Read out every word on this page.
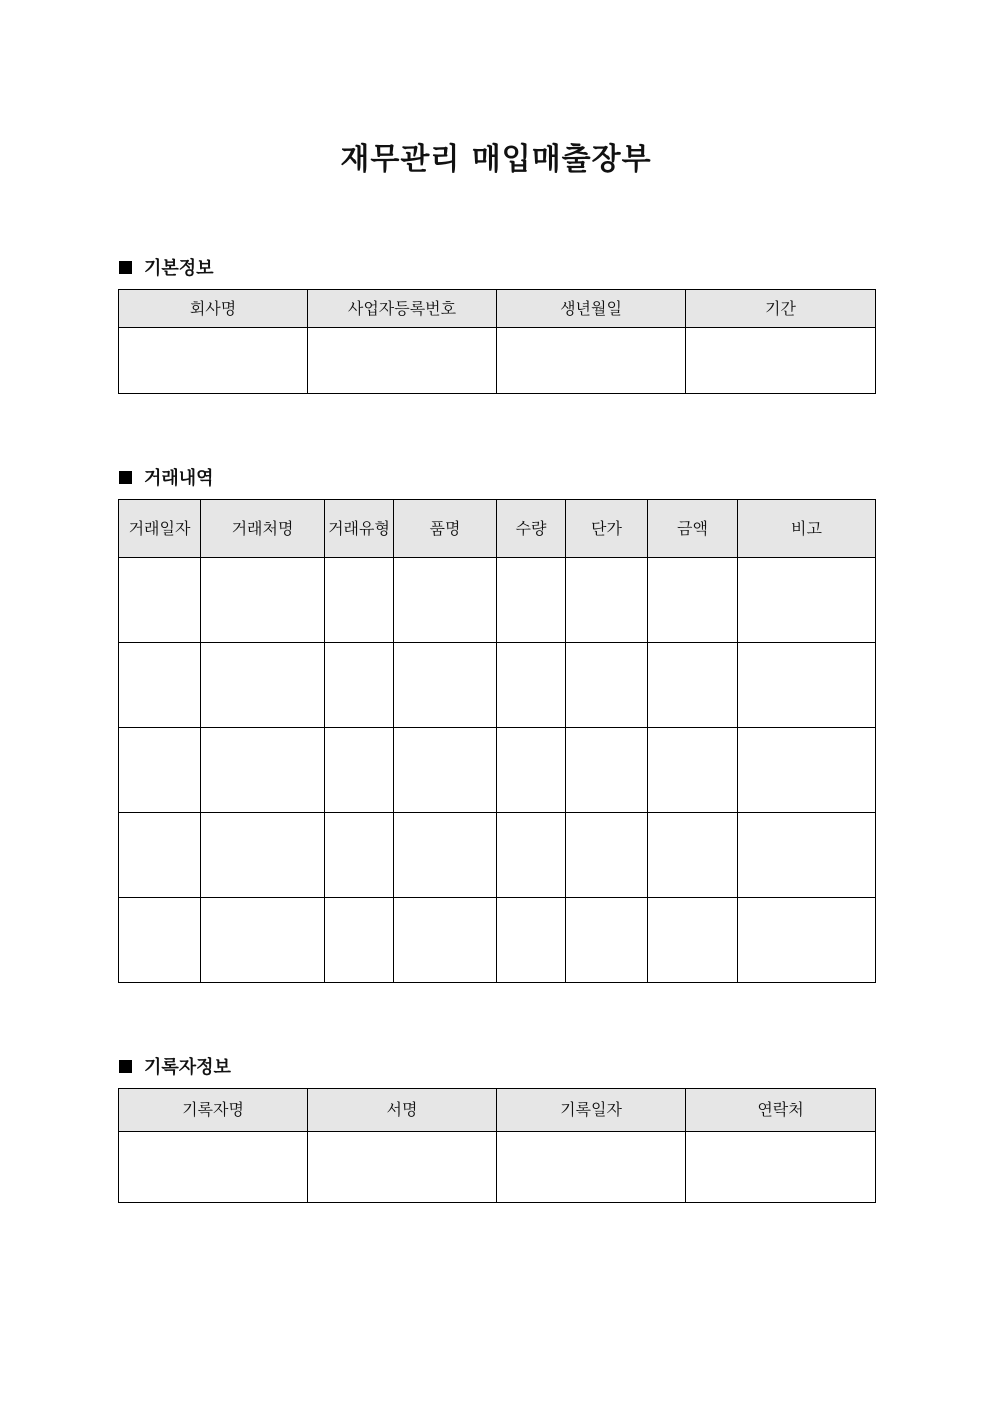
재무관리 매입매출장부
기본정보
회사명	사업자등록번호	생년월일	기간

거래내역
거래일자	거래처명	거래유형	품명	수량	단가	금액	비고

기록자정보
기록자명	서명	기록일자	연락처
